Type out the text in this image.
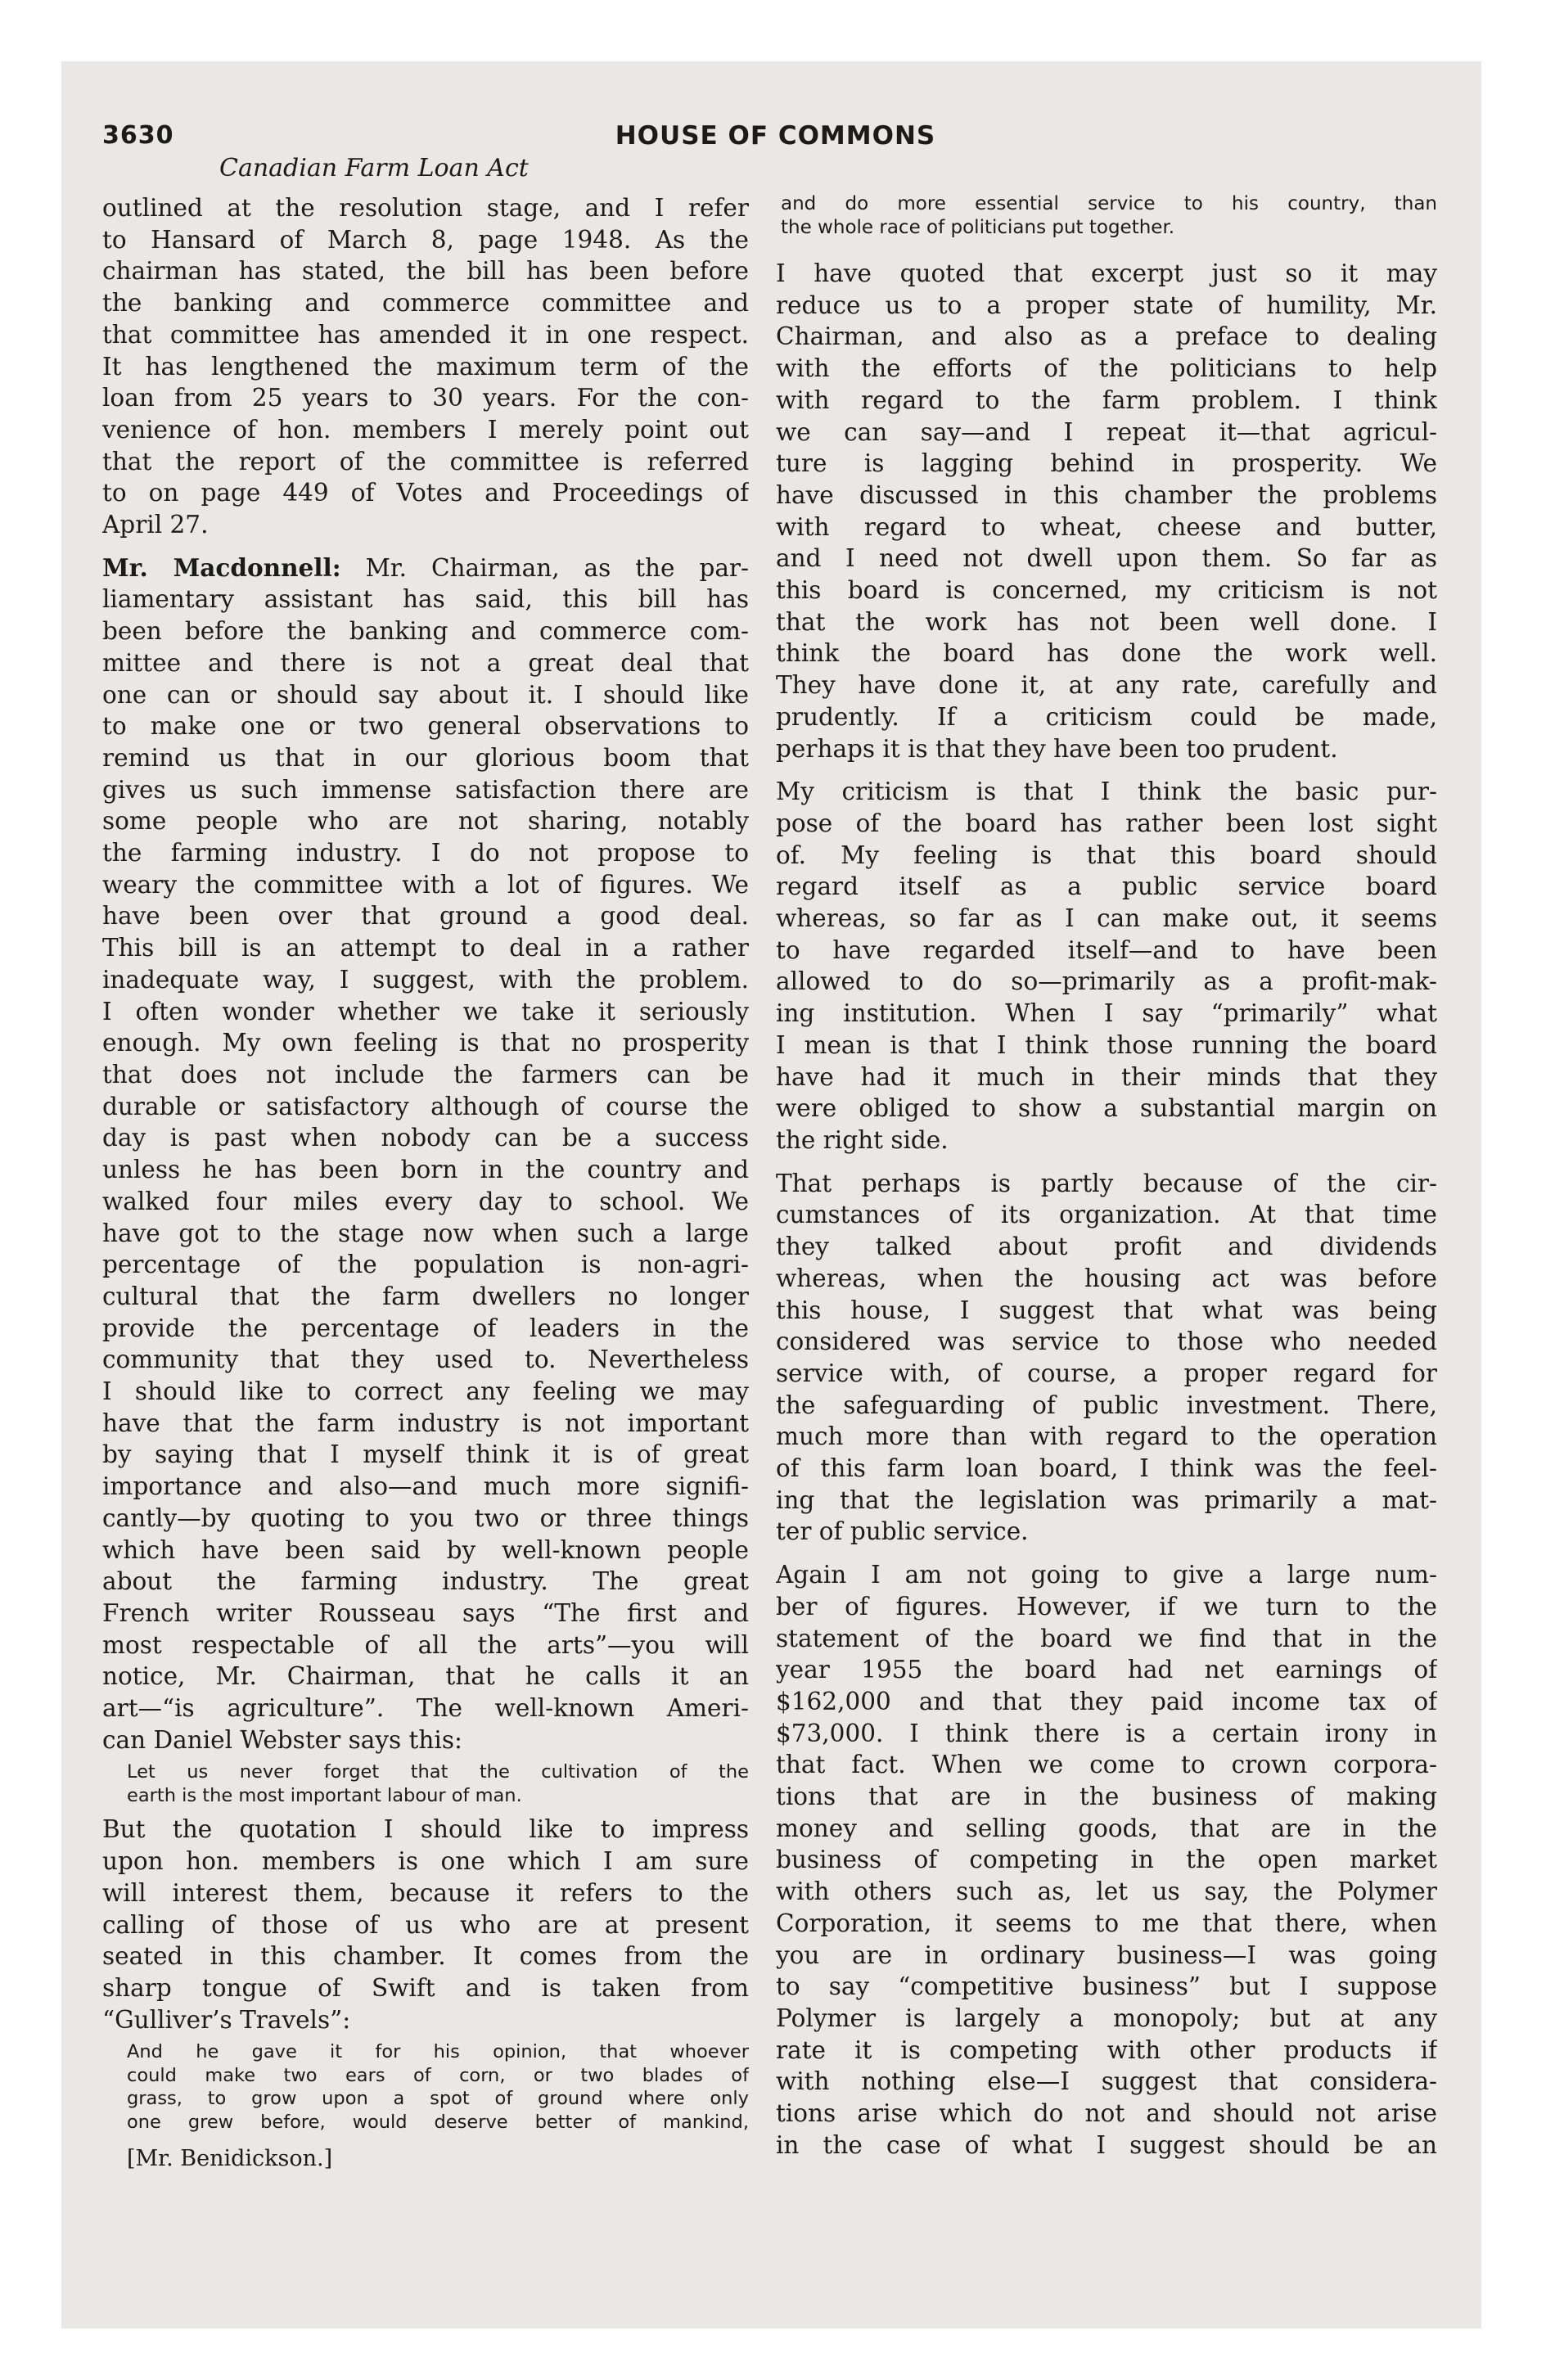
3630	HOUSE OF COMMONS
Canadian Farm Loan Act
outlined at the resolution stage, and I refer
to Hansard of March 8, page 1948. As the
chairman has stated, the bill has been before
the banking and commerce committee and
that committee has amended it in one respect.
It has lengthened the maximum term of the
loan from 25 years to 30 years. For the con-
venience of hon. members I merely point out
that the report of the committee is referred
to on page 449 of Votes and Proceedings of
April 27.
Mr. Macdonnell: Mr. Chairman, as the par-
liamentary assistant has said, this bill has
been before the banking and commerce com-
mittee and there is not a great deal that
one can or should say about it. I should like
to make one or two general observations to
remind us that in our glorious boom that
gives us such immense satisfaction there are
some people who are not sharing, notably
the farming industry. I do not propose to
weary the committee with a lot of figures. We
have been over that ground a good deal.
This bill is an attempt to deal in a rather
inadequate way, I suggest, with the problem.
I often wonder whether we take it seriously
enough. My own feeling is that no prosperity
that does not include the farmers can be
durable or satisfactory although of course the
day is past when nobody can be a success
unless he has been born in the country and
walked four miles every day to school. We
have got to the stage now when such a large
percentage of the population is non-agri-
cultural that the farm dwellers no longer
provide the percentage of leaders in the
community that they used to. Nevertheless
I should like to correct any feeling we may
have that the farm industry is not important
by saying that I myself think it is of great
importance and also—and much more signifi-
cantly—by quoting to you two or three things
which have been said by well-known people
about the farming industry. The great
French writer Rousseau says “The first and
most respectable of all the arts”—you will
notice, Mr. Chairman, that he calls it an
art—“is agriculture”. The well-known Ameri-
can Daniel Webster says this:
Let us never forget that the cultivation of the
earth is the most important labour of man.
But the quotation I should like to impress
upon hon. members is one which I am sure
will interest them, because it refers to the
calling of those of us who are at present
seated in this chamber. It comes from the
sharp tongue of Swift and is taken from
“Gulliver’s Travels”:
And he gave it for his opinion, that whoever
could make two ears of corn, or two blades of
grass, to grow upon a spot of ground where only
one grew before, would deserve better of mankind,
[Mr. Benidickson.]
and do more essential service to his country, than
the whole race of politicians put together.
I have quoted that excerpt just so it may
reduce us to a proper state of humility, Mr.
Chairman, and also as a preface to dealing
with the efforts of the politicians to help
with regard to the farm problem. I think
we can say—and I repeat it—that agricul-
ture is lagging behind in prosperity. We
have discussed in this chamber the problems
with regard to wheat, cheese and butter,
and I need not dwell upon them. So far as
this board is concerned, my criticism is not
that the work has not been well done. I
think the board has done the work well.
They have done it, at any rate, carefully and
prudently. If a criticism could be made,
perhaps it is that they have been too prudent.
My criticism is that I think the basic pur-
pose of the board has rather been lost sight
of. My feeling is that this board should
regard itself as a public service board
whereas, so far as I can make out, it seems
to have regarded itself—and to have been
allowed to do so—primarily as a profit-mak-
ing institution. When I say “primarily” what
I mean is that I think those running the board
have had it much in their minds that they
were obliged to show a substantial margin on
the right side.
That perhaps is partly because of the cir-
cumstances of its organization. At that time
they talked about profit and dividends
whereas, when the housing act was before
this house, I suggest that what was being
considered was service to those who needed
service with, of course, a proper regard for
the safeguarding of public investment. There,
much more than with regard to the operation
of this farm loan board, I think was the feel-
ing that the legislation was primarily a mat-
ter of public service.
Again I am not going to give a large num-
ber of figures. However, if we turn to the
statement of the board we find that in the
year 1955 the board had net earnings of
$162,000 and that they paid income tax of
$73,000. I think there is a certain irony in
that fact. When we come to crown corpora-
tions that are in the business of making
money and selling goods, that are in the
business of competing in the open market
with others such as, let us say, the Polymer
Corporation, it seems to me that there, when
you are in ordinary business—I was going
to say “competitive business” but I suppose
Polymer is largely a monopoly; but at any
rate it is competing with other products if
with nothing else—I suggest that considera-
tions arise which do not and should not arise
in the case of what I suggest should be an
